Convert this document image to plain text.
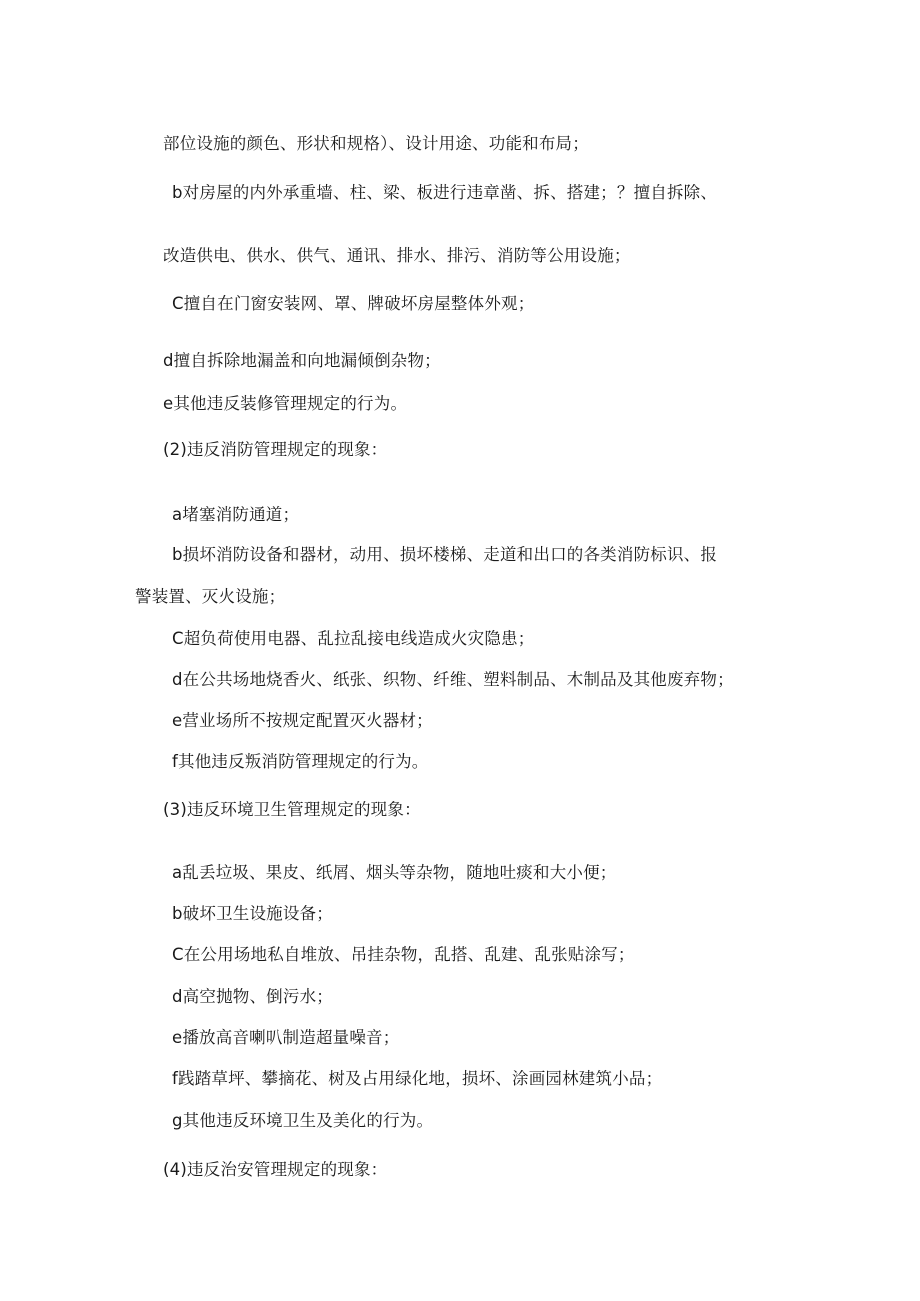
部位设施的颜色、形状和规格）、设计用途、功能和布局；
b对房屋的内外承重墙、柱、梁、板进行违章凿、拆、搭建；？擅自拆除、
改造供电、供水、供气、通讯、排水、排污、消防等公用设施；
C擅自在门窗安装网、罩、牌破坏房屋整体外观；
d擅自拆除地漏盖和向地漏倾倒杂物；
e其他违反装修管理规定的行为。
(2)违反消防管理规定的现象：
a堵塞消防通道；
b损坏消防设备和器材，动用、损坏楼梯、走道和出口的各类消防标识、报
警装置、灭火设施；
C超负荷使用电器、乱拉乱接电线造成火灾隐患；
d在公共场地烧香火、纸张、织物、纤维、塑料制品、木制品及其他废弃物；
e营业场所不按规定配置灭火器材；
f其他违反叛消防管理规定的行为。
(3)违反环境卫生管理规定的现象：
a乱丢垃圾、果皮、纸屑、烟头等杂物，随地吐痰和大小便；
b破坏卫生设施设备；
C在公用场地私自堆放、吊挂杂物，乱搭、乱建、乱张贴涂写；
d高空抛物、倒污水；
e播放高音喇叭制造超量噪音；
f践踏草坪、攀摘花、树及占用绿化地，损坏、涂画园林建筑小品；
g其他违反环境卫生及美化的行为。
(4)违反治安管理规定的现象：
